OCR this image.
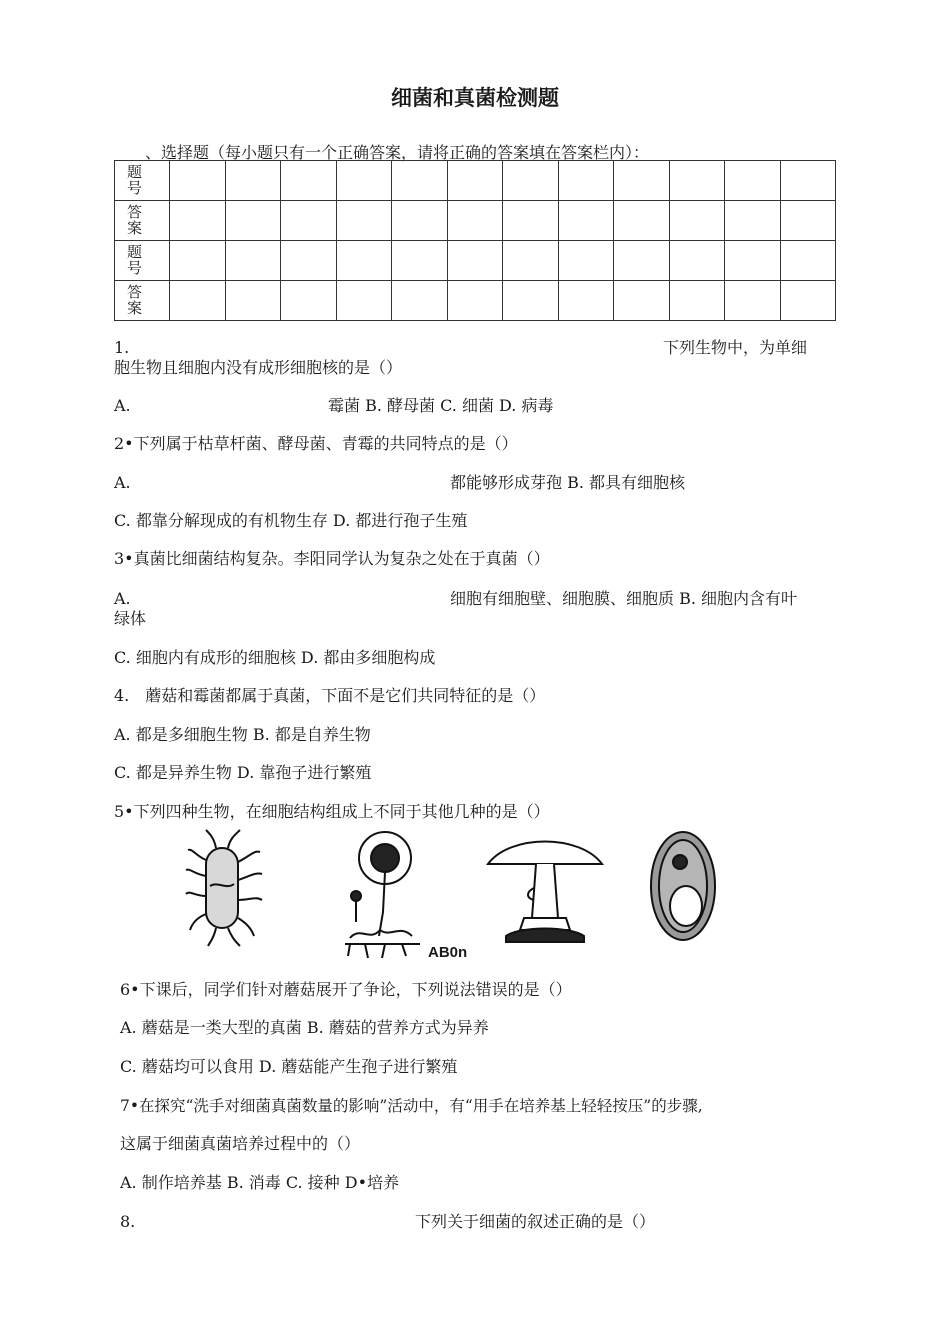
细菌和真菌检测题
、选择题（每小题只有一个正确答案，请将正确的答案填在答案栏内）：
题
号												

答
案												

题
号												

答
案												

1.	下列生物中，为单细
胞生物且细胞内没有成形细胞核的是（）
A.	霉菌 B. 酵母菌 C. 细菌 D. 病毒
2•下列属于枯草杆菌、酵母菌、青霉的共同特点的是（）
A.	都能够形成芽孢 B. 都具有细胞核
C. 都靠分解现成的有机物生存 D. 都进行孢子生殖
3•真菌比细菌结构复杂。李阳同学认为复杂之处在于真菌（）
A.	细胞有细胞壁、细胞膜、细胞质 B. 细胞内含有叶
绿体
C. 细胞内有成形的细胞核 D. 都由多细胞构成
4.　蘑菇和霉菌都属于真菌，下面不是它们共同特征的是（）
A. 都是多细胞生物 B. 都是自养生物
C. 都是异养生物 D. 靠孢子进行繁殖
5•下列四种生物，在细胞结构组成上不同于其他几种的是（）
AB0n
6•下课后，同学们针对蘑菇展开了争论，下列说法错误的是（）
A. 蘑菇是一类大型的真菌 B. 蘑菇的营养方式为异养
C. 蘑菇均可以食用 D. 蘑菇能产生孢子进行繁殖
7•在探究“洗手对细菌真菌数量的影响”活动中，有“用手在培养基上轻轻按压”的步骤,
这属于细菌真菌培养过程中的（）
A. 制作培养基 B. 消毒 C. 接种 D•培养
8.	下列关于细菌的叙述正确的是（）
